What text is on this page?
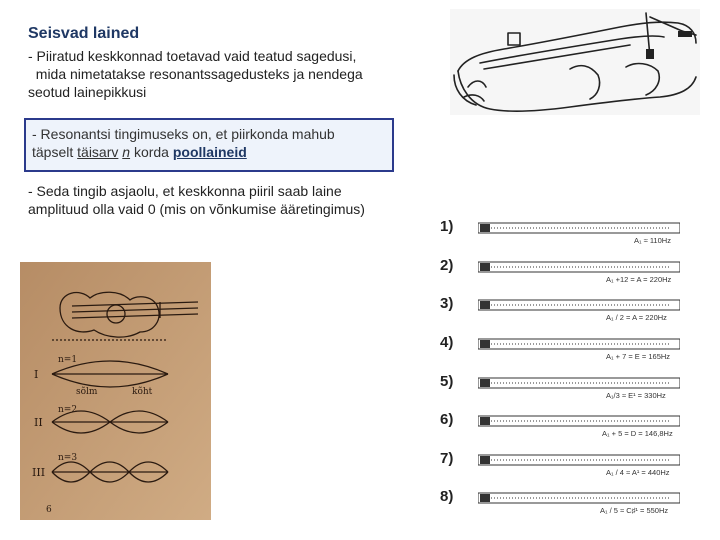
Seisvad lained
- Piiratud keskkonnad toetavad vaid teatud sagedusi,
mida nimetatakse resonantssagedusteks ja nendega
seotud lainepikkusi
- Resonantsi tingimuseks on, et piirkonda mahub
täpselt täisarv n korda poollaineid
- Seda tingib asjaolu, et keskkonna piiril saab laine
amplituud olla vaid 0 (mis on võnkumise ääretingimus)
I
II
III
n=1
n=2
n=3
sõlm	kõht
6
1)
A₁ ≈ 110Hz
2)
A₁ +12 = A = 220Hz
3)
A₁ / 2 = A = 220Hz
4)
A₁ + 7 = E = 165Hz
5)
A₁/3 ≈ E¹ = 330Hz
6)
A₁ + 5 = D = 146,8Hz
7)
A₁ / 4 ≈ A¹ = 440Hz
8)
A₁ / 5 ≈ C♯¹ = 550Hz
